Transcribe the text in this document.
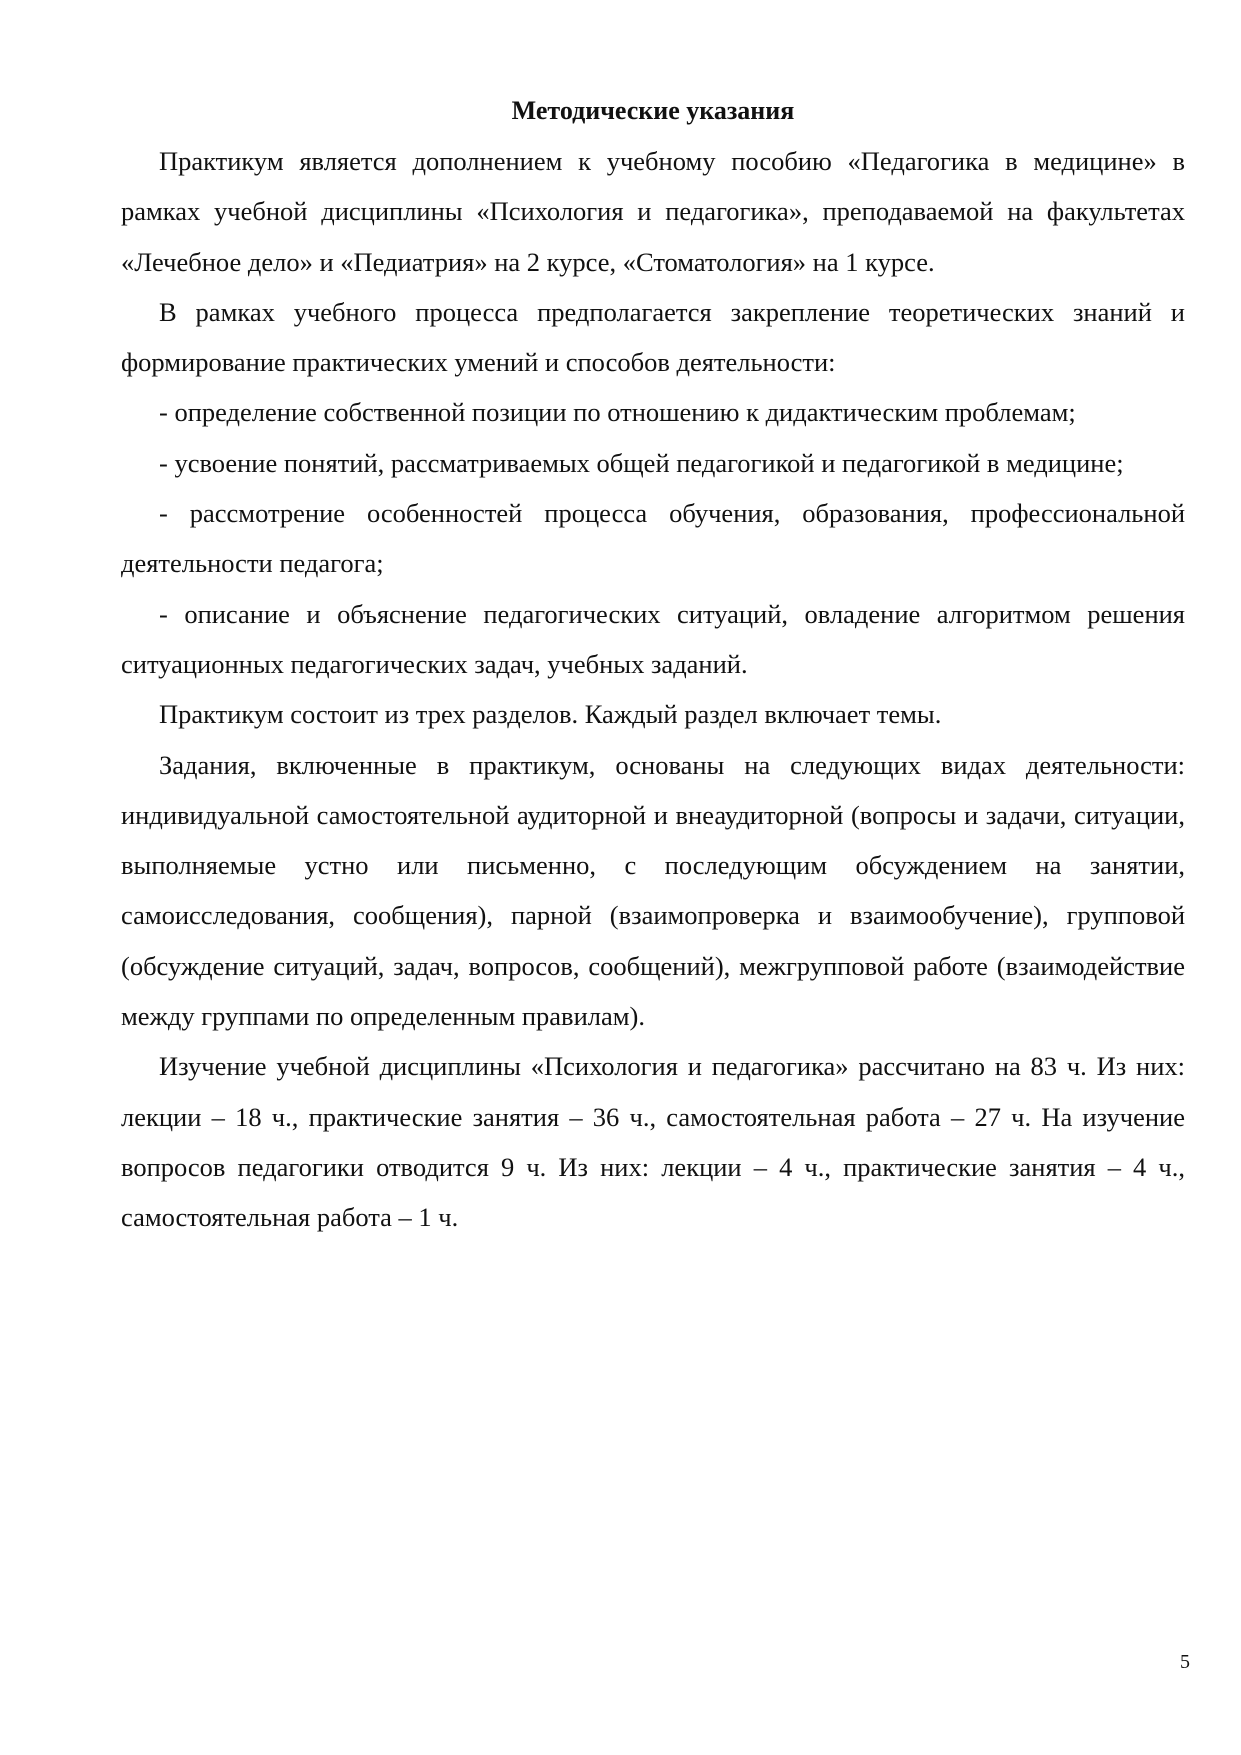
Методические указания

Практикум является дополнением к учебному пособию «Педагогика в медицине» в рамках учебной дисциплины «Психология и педагогика», преподаваемой на факультетах «Лечебное дело» и «Педиатрия» на 2 курсе, «Стоматология» на 1 курсе.

В рамках учебного процесса предполагается закрепление теоретических знаний и формирование практических умений и способов деятельности:

- определение собственной позиции по отношению к дидактическим проблемам;

- усвоение понятий, рассматриваемых общей педагогикой и педагогикой в медицине;

- рассмотрение особенностей процесса обучения, образования, профессиональной деятельности педагога;

- описание и объяснение педагогических ситуаций, овладение алгоритмом решения ситуационных педагогических задач, учебных заданий.

Практикум состоит из трех разделов. Каждый раздел включает темы.

Задания, включенные в практикум, основаны на следующих видах деятельности: индивидуальной самостоятельной аудиторной и внеаудиторной (вопросы и задачи, ситуации, выполняемые устно или письменно, с последующим обсуждением на занятии, самоисследования, сообщения), парной (взаимопроверка и взаимообучение), групповой (обсуждение ситуаций, задач, вопросов, сообщений), межгрупповой работе (взаимодействие между группами по определенным правилам).

Изучение учебной дисциплины «Психология и педагогика» рассчитано на 83 ч. Из них: лекции – 18 ч., практические занятия – 36 ч., самостоятельная работа – 27 ч. На изучение вопросов педагогики отводится 9 ч. Из них: лекции – 4 ч., практические занятия – 4 ч., самостоятельная работа – 1 ч.

5
